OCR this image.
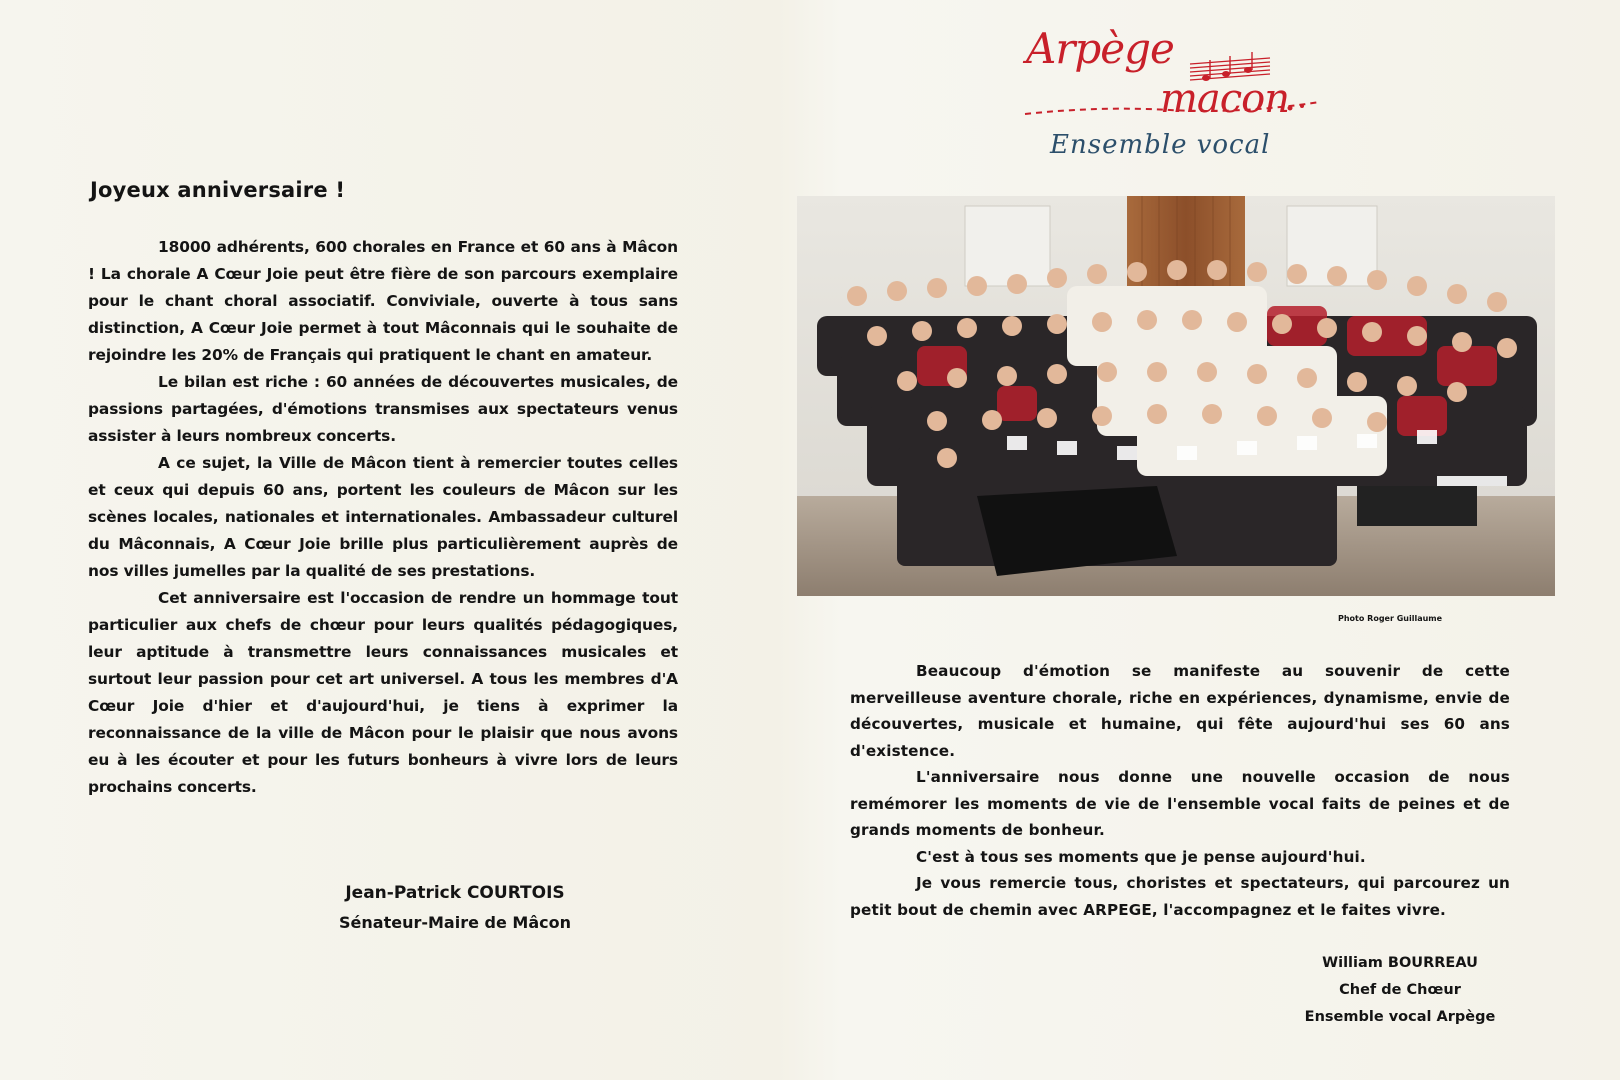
Joyeux anniversaire !

18000 adhérents, 600 chorales en France et 60 ans à Mâcon ! La chorale A Cœur Joie peut être fière de son parcours exemplaire pour le chant choral associatif. Conviviale, ouverte à tous sans distinction, A Cœur Joie permet à tout Mâconnais qui le souhaite de rejoindre les 20% de Français qui pratiquent le chant en amateur.

Le bilan est riche : 60 années de découvertes musicales, de passions partagées, d'émotions transmises aux spectateurs venus assister à leurs nombreux concerts.

A ce sujet, la Ville de Mâcon tient à remercier toutes celles et ceux qui depuis 60 ans, portent les couleurs de Mâcon sur les scènes locales, nationales et internationales. Ambassadeur culturel du Mâconnais, A Cœur Joie brille plus particulièrement auprès de nos villes jumelles par la qualité de ses prestations.

Cet anniversaire est l'occasion de rendre un hommage tout particulier aux chefs de chœur pour leurs qualités pédagogiques, leur aptitude à transmettre leurs connaissances musicales et surtout leur passion pour cet art universel. A tous les membres d'A Cœur Joie d'hier et d'aujourd'hui, je tiens à exprimer la reconnaissance de la ville de Mâcon pour le plaisir que nous avons eu à les écouter et pour les futurs bonheurs à vivre lors de leurs prochains concerts.

Jean-Patrick COURTOIS
Sénateur-Maire de Mâcon
Arpège
macon
Ensemble vocal
Photo Roger Guillaume

Beaucoup d'émotion se manifeste au souvenir de cette merveilleuse aventure chorale, riche en expériences, dynamisme, envie de découvertes, musicale et humaine, qui fête aujourd'hui ses 60 ans d'existence.

L'anniversaire nous donne une nouvelle occasion de nous remémorer les moments de vie de l'ensemble vocal faits de peines et de grands moments de bonheur.

C'est à tous ses moments que je pense aujourd'hui.

Je vous remercie tous, choristes et spectateurs, qui parcourez un petit bout de chemin avec ARPEGE, l'accompagnez et le faites vivre.

William BOURREAU
Chef de Chœur
Ensemble vocal Arpège
